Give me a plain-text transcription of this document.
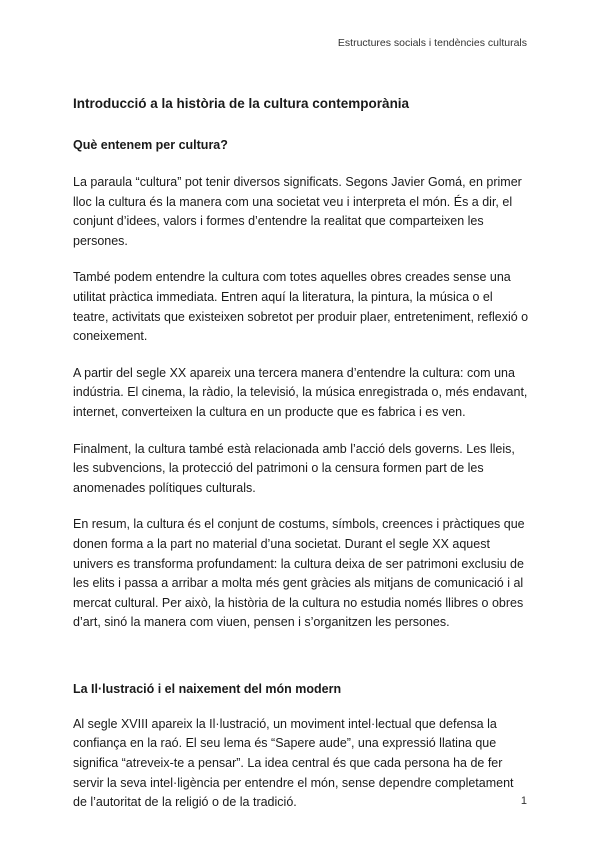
Estructures socials i tendències culturals
Introducció a la història de la cultura contemporània
Què entenem per cultura?

La paraula “cultura” pot tenir diversos significats. Segons Javier Gomá, en primer lloc la cultura és la manera com una societat veu i interpreta el món. És a dir, el conjunt d’idees, valors i formes d’entendre la realitat que comparteixen les persones.

També podem entendre la cultura com totes aquelles obres creades sense una utilitat pràctica immediata. Entren aquí la literatura, la pintura, la música o el teatre, activitats que existeixen sobretot per produir plaer, entreteniment, reflexió o coneixement.

A partir del segle XX apareix una tercera manera d’entendre la cultura: com una indústria. El cinema, la ràdio, la televisió, la música enregistrada o, més endavant, internet, converteixen la cultura en un producte que es fabrica i es ven.

Finalment, la cultura també està relacionada amb l’acció dels governs. Les lleis, les subvencions, la protecció del patrimoni o la censura formen part de les anomenades polítiques culturals.

En resum, la cultura és el conjunt de costums, símbols, creences i pràctiques que donen forma a la part no material d’una societat. Durant el segle XX aquest univers es transforma profundament: la cultura deixa de ser patrimoni exclusiu de les elits i passa a arribar a molta més gent gràcies als mitjans de comunicació i al mercat cultural. Per això, la història de la cultura no estudia només llibres o obres d’art, sinó la manera com viuen, pensen i s’organitzen les persones.

La Il·lustració i el naixement del món modern

Al segle XVIII apareix la Il·lustració, un moviment intel·lectual que defensa la confiança en la raó. El seu lema és “Sapere aude”, una expressió llatina que significa “atreveix-te a pensar”. La idea central és que cada persona ha de fer servir la seva intel·ligència per entendre el món, sense dependre completament de l’autoritat de la religió o de la tradició.	1
